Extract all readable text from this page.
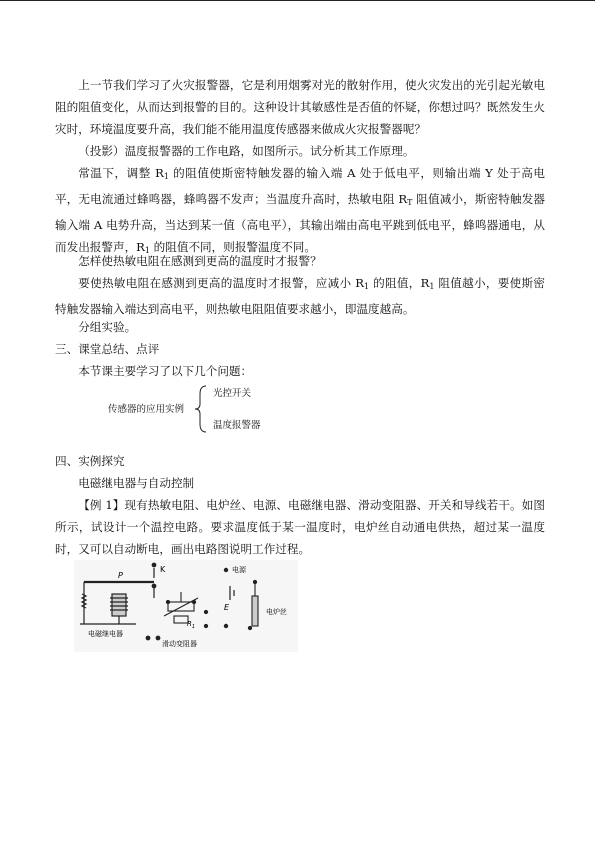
上一节我们学习了火灾报警器，它是利用烟雾对光的散射作用，使火灾发出的光引起光敏电阻的阻值变化，从而达到报警的目的。这种设计其敏感性是否值的怀疑，你想过吗？既然发生火灾时，环境温度要升高，我们能不能用温度传感器来做成火灾报警器呢？
（投影）温度报警器的工作电路，如图所示。试分析其工作原理。
常温下，调整 $R_1$ 的阻值使斯密特触发器的输入端 A 处于低电平，则输出端 Y 处于高电平，无电流通过蜂鸣器，蜂鸣器不发声；当温度升高时，热敏电阻 $R_T$ 阻值减小，斯密特触发器输入端 A 电势升高，当达到某一值（高电平），其输出端由高电平跳到低电平，蜂鸣器通电，从而发出报警声，$R_1$ 的阻值不同，则报警温度不同。
怎样使热敏电阻在感测到更高的温度时才报警？
要使热敏电阻在感测到更高的温度时才报警，应减小 $R_1$ 的阻值，$R_1$ 阻值越小，要使斯密特触发器输入端达到高电平，则热敏电阻阻值要求越小，即温度越高。
分组实验。
三、课堂总结、点评
本节课主要学习了以下几个问题：
传感器的应用实例
光控开关
温度报警器
四、实例探究
电磁继电器与自动控制
【例 1】现有热敏电阻、电炉丝、电源、电磁继电器、滑动变阻器、开关和导线若干。如图所示，试设计一个温控电路。要求温度低于某一温度时，电炉丝自动通电供热，超过某一温度时，又可以自动断电，画出电路图说明工作过程。
P
K
电磁继电器
$R_1$
滑动变阻器
电源
E	电炉丝
